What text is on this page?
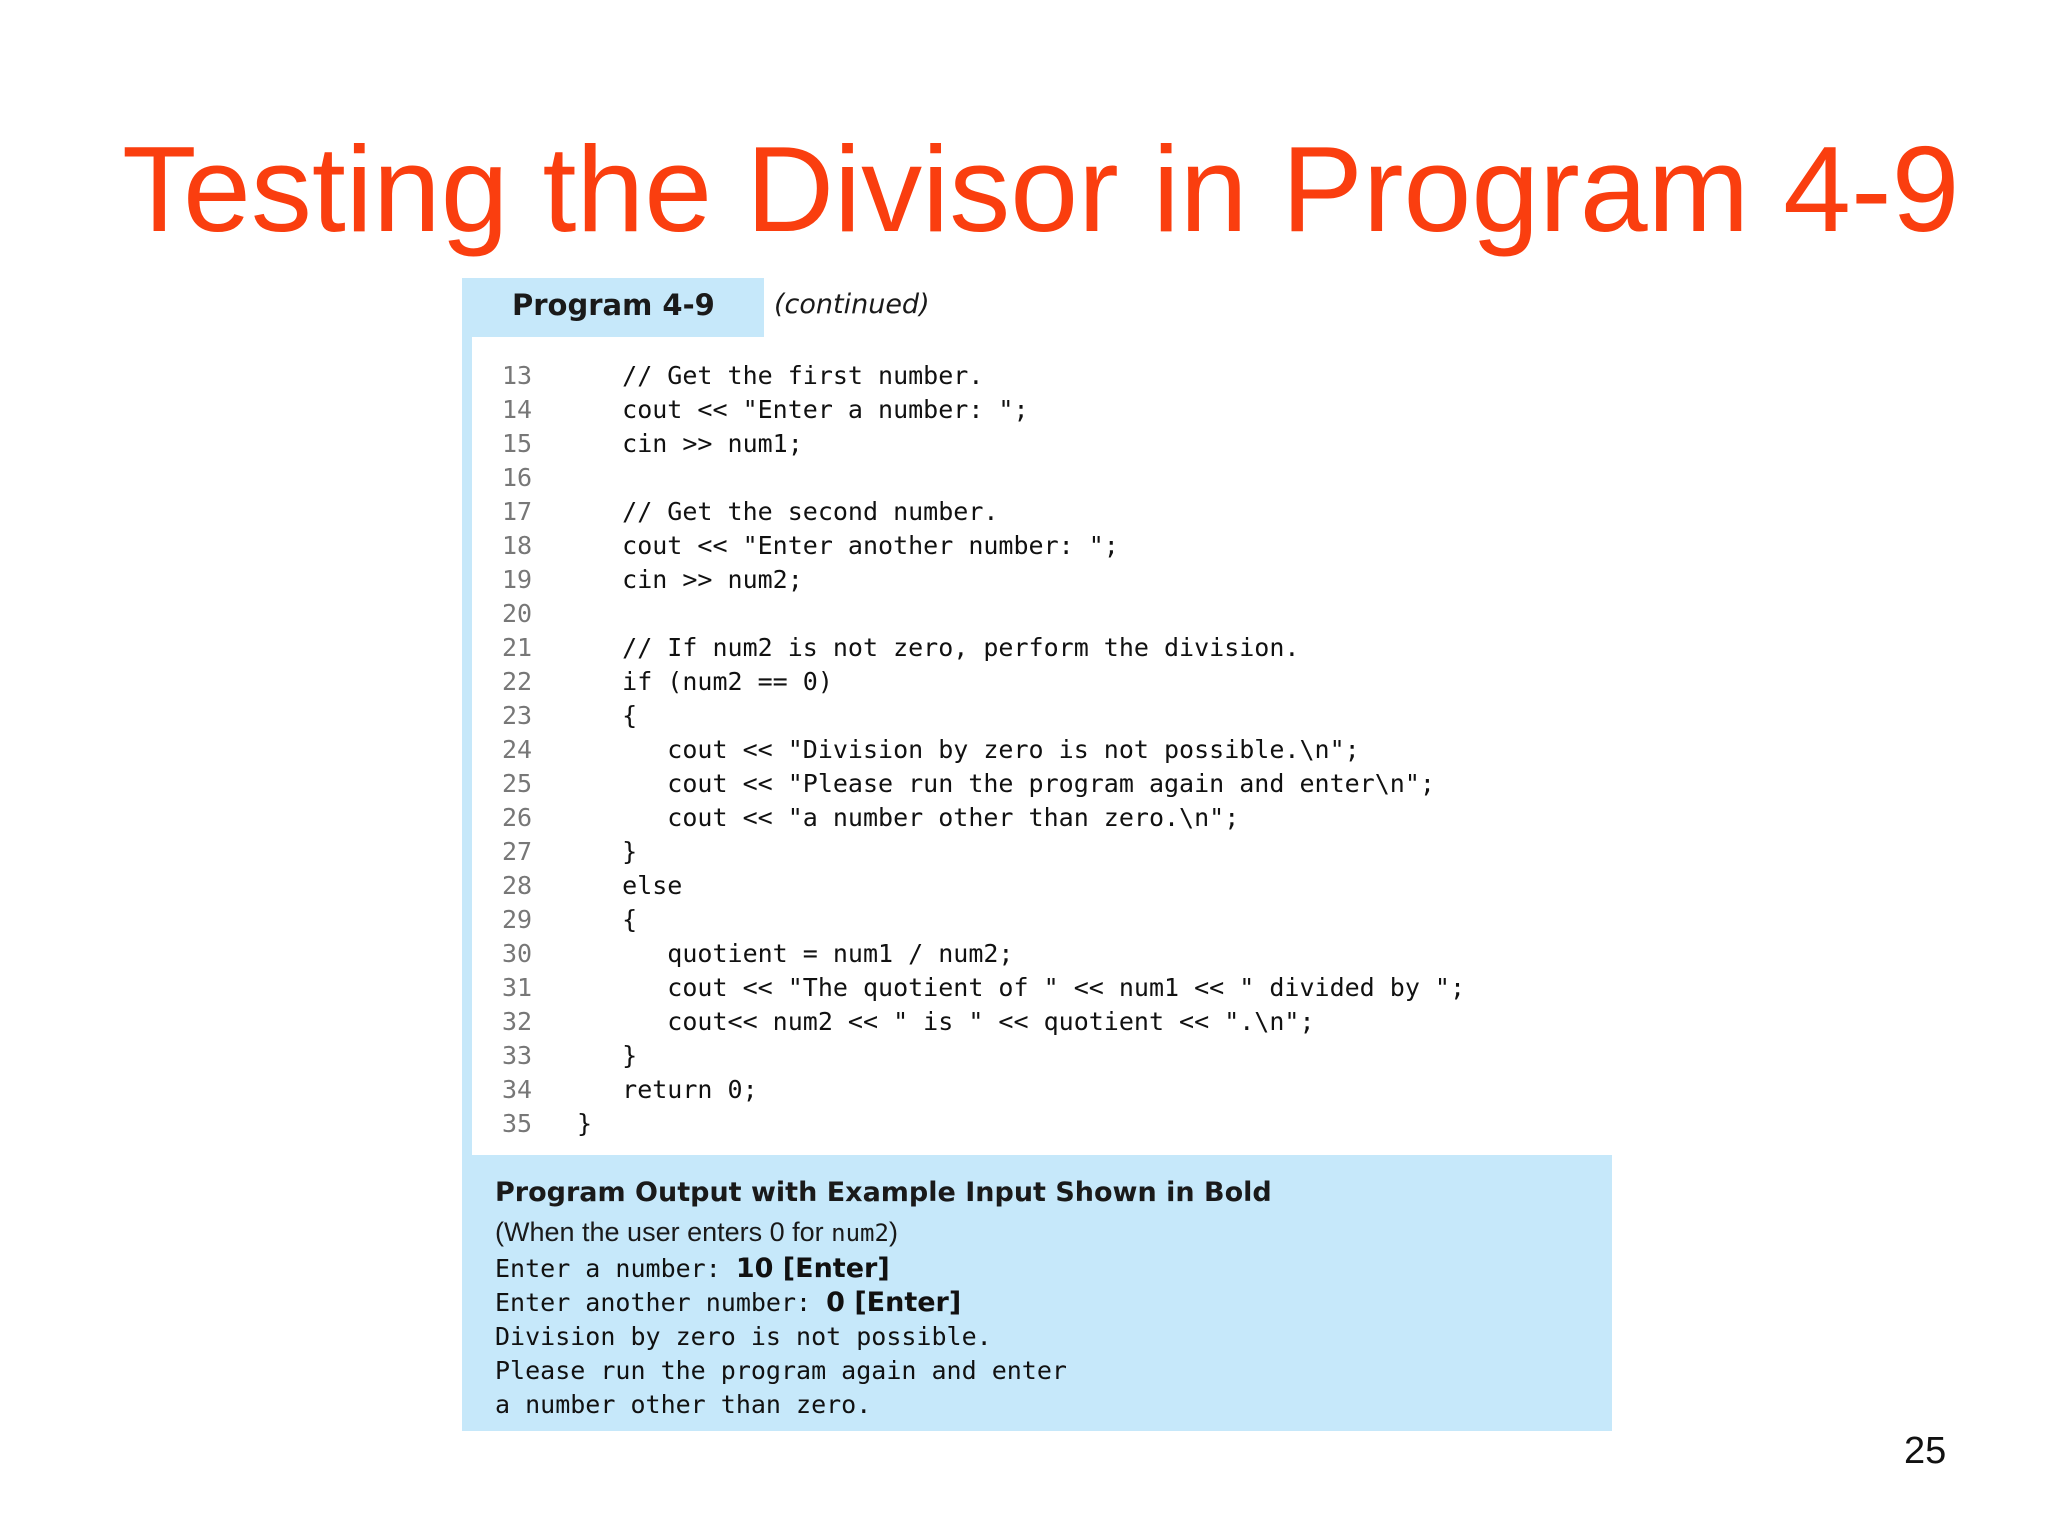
Testing the Divisor in Program 4-9
Program 4-9 (continued)
13 // Get the first number.
14 cout << "Enter a number: ";
15 cin >> num1;
16
17 // Get the second number.
18 cout << "Enter another number: ";
19 cin >> num2;
20
21 // If num2 is not zero, perform the division.
22 if (num2 == 0)
23 {
24 cout << "Division by zero is not possible.\n";
25 cout << "Please run the program again and enter\n";
26 cout << "a number other than zero.\n";
27 }
28 else
29 {
30 quotient = num1 / num2;
31 cout << "The quotient of " << num1 << " divided by ";
32 cout<< num2 << " is " << quotient << ".\n";
33 }
34 return 0;
35 }
Program Output with Example Input Shown in Bold
(When the user enters 0 for num2)
Enter a number: 10 [Enter]
Enter another number: 0 [Enter]
Division by zero is not possible.
Please run the program again and enter
a number other than zero.
25
